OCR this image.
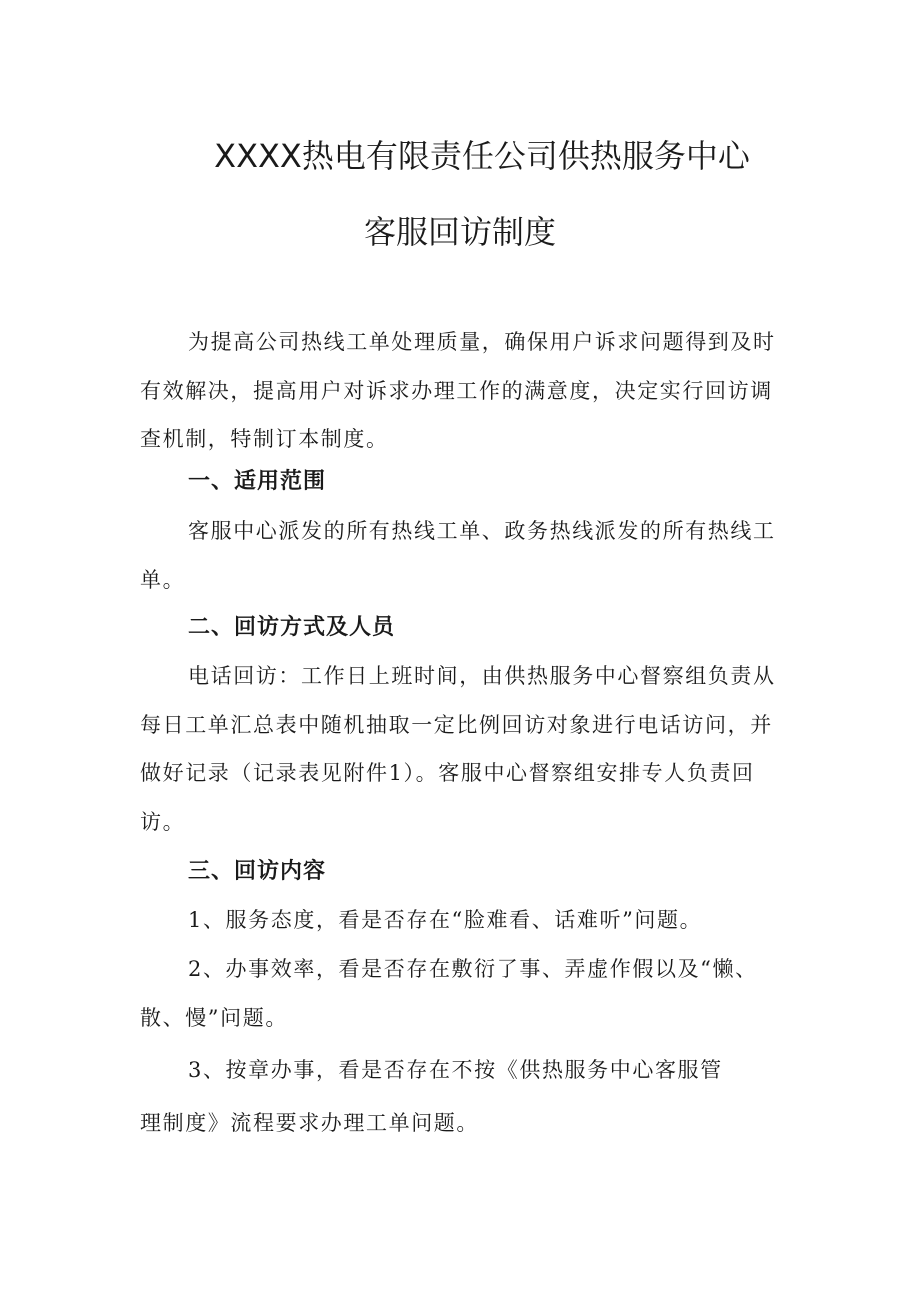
XXXX热电有限责任公司供热服务中心
客服回访制度

为提高公司热线工单处理质量，确保用户诉求问题得到及时有效解决，提高用户对诉求办理工作的满意度，决定实行回访调查机制，特制订本制度。

一、适用范围

客服中心派发的所有热线工单、政务热线派发的所有热线工单。

二、回访方式及人员

电话回访：工作日上班时间，由供热服务中心督察组负责从每日工单汇总表中随机抽取一定比例回访对象进行电话访问，并做好记录（记录表见附件1）。客服中心督察组安排专人负责回访。

三、回访内容

1、服务态度，看是否存在“脸难看、话难听”问题。

2、办事效率，看是否存在敷衍了事、弄虚作假以及“懒、散、慢”问题。

3、按章办事，看是否存在不按《供热服务中心客服管

理制度》流程要求办理工单问题。
